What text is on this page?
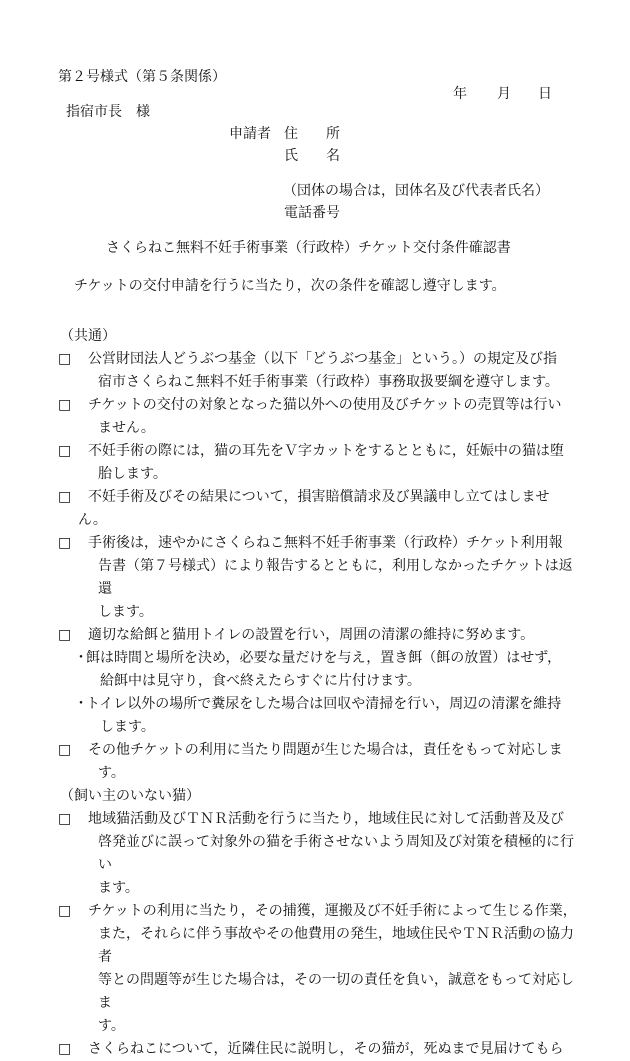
第２号様式（第５条関係）
年 月 日
指宿市長　様
申請者 住　　所
氏　　名
（団体の場合は，団体名及び代表者氏名）
電話番号
さくらねこ無料不妊手術事業（行政枠）チケット交付条件確認書
チケットの交付申請を行うに当たり，次の条件を確認し遵守します。
（共通）
□	公営財団法人どうぶつ基金（以下「どうぶつ基金」という。）の規定及び指
宿市さくらねこ無料不妊手術事業（行政枠）事務取扱要綱を遵守します。

□	チケットの交付の対象となった猫以外への使用及びチケットの売買等は行い
ません。

□	不妊手術の際には，猫の耳先をＶ字カットをするとともに，妊娠中の猫は堕
胎します。

□	不妊手術及びその結果について，損害賠償請求及び異議申し立てはしません。

□	手術後は，速やかにさくらねこ無料不妊手術事業（行政枠）チケット利用報
告書（第７号様式）により報告するとともに，利用しなかったチケットは返還
します。

□	適切な給餌と猫用トイレの設置を行い，周囲の清潔の維持に努めます。

・

餌は時間と場所を決め，必要な量だけを与え，置き餌（餌の放置）はせず，
給餌中は見守り，食べ終えたらすぐに片付けます。

・

トイレ以外の場所で糞尿をした場合は回収や清掃を行い，周辺の清潔を維持
します。

□	その他チケットの利用に当たり問題が生じた場合は，責任をもって対応しま
す。

（飼い主のいない猫）
□	地域猫活動及びＴＮＲ活動を行うに当たり，地域住民に対して活動普及及び
啓発並びに誤って対象外の猫を手術させないよう周知及び対策を積極的に行い
ます。

□	チケットの利用に当たり，その捕獲，運搬及び不妊手術によって生じる作業，
また，それらに伴う事故やその他費用の発生，地域住民やＴＮＲ活動の協力者
等との問題等が生じた場合は，その一切の責任を負い，誠意をもって対応しま
す。

□	さくらねこについて，近隣住民に説明し，その猫が，死ぬまで見届けてもら
